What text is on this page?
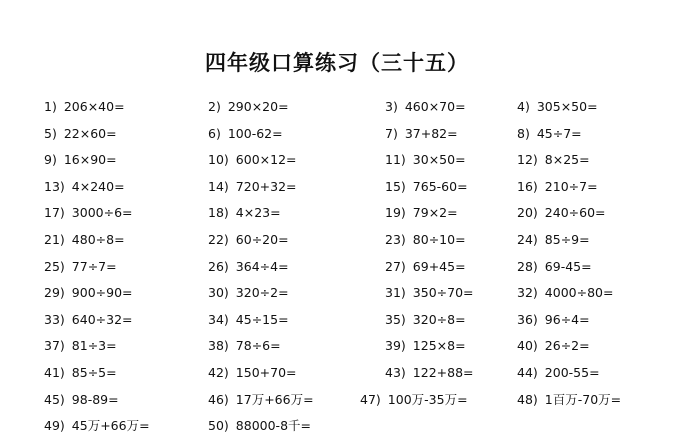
四年级口算练习（三十五）
1) 206×40=	2) 290×20=	3) 460×70=	4) 305×50=
5) 22×60=	6) 100-62=	7) 37+82=	8) 45÷7=
9) 16×90=	10) 600×12=	11) 30×50=	12) 8×25=
13) 4×240=	14) 720+32=	15) 765-60=	16) 210÷7=
17) 3000÷6=	18) 4×23=	19) 79×2=	20) 240÷60=
21) 480÷8=	22) 60÷20=	23) 80÷10=	24) 85÷9=
25) 77÷7=	26) 364÷4=	27) 69+45=	28) 69-45=
29) 900÷90=	30) 320÷2=	31) 350÷70=	32) 4000÷80=
33) 640÷32=	34) 45÷15=	35) 320÷8=	36) 96÷4=
37) 81÷3=	38) 78÷6=	39) 125×8=	40) 26÷2=
41) 85÷5=	42) 150+70=	43) 122+88=	44) 200-55=
45) 98-89=	46) 17万+66万=	47) 100万-35万=	48) 1百万-70万=
49) 45万+66万=	50) 88000-8千=
